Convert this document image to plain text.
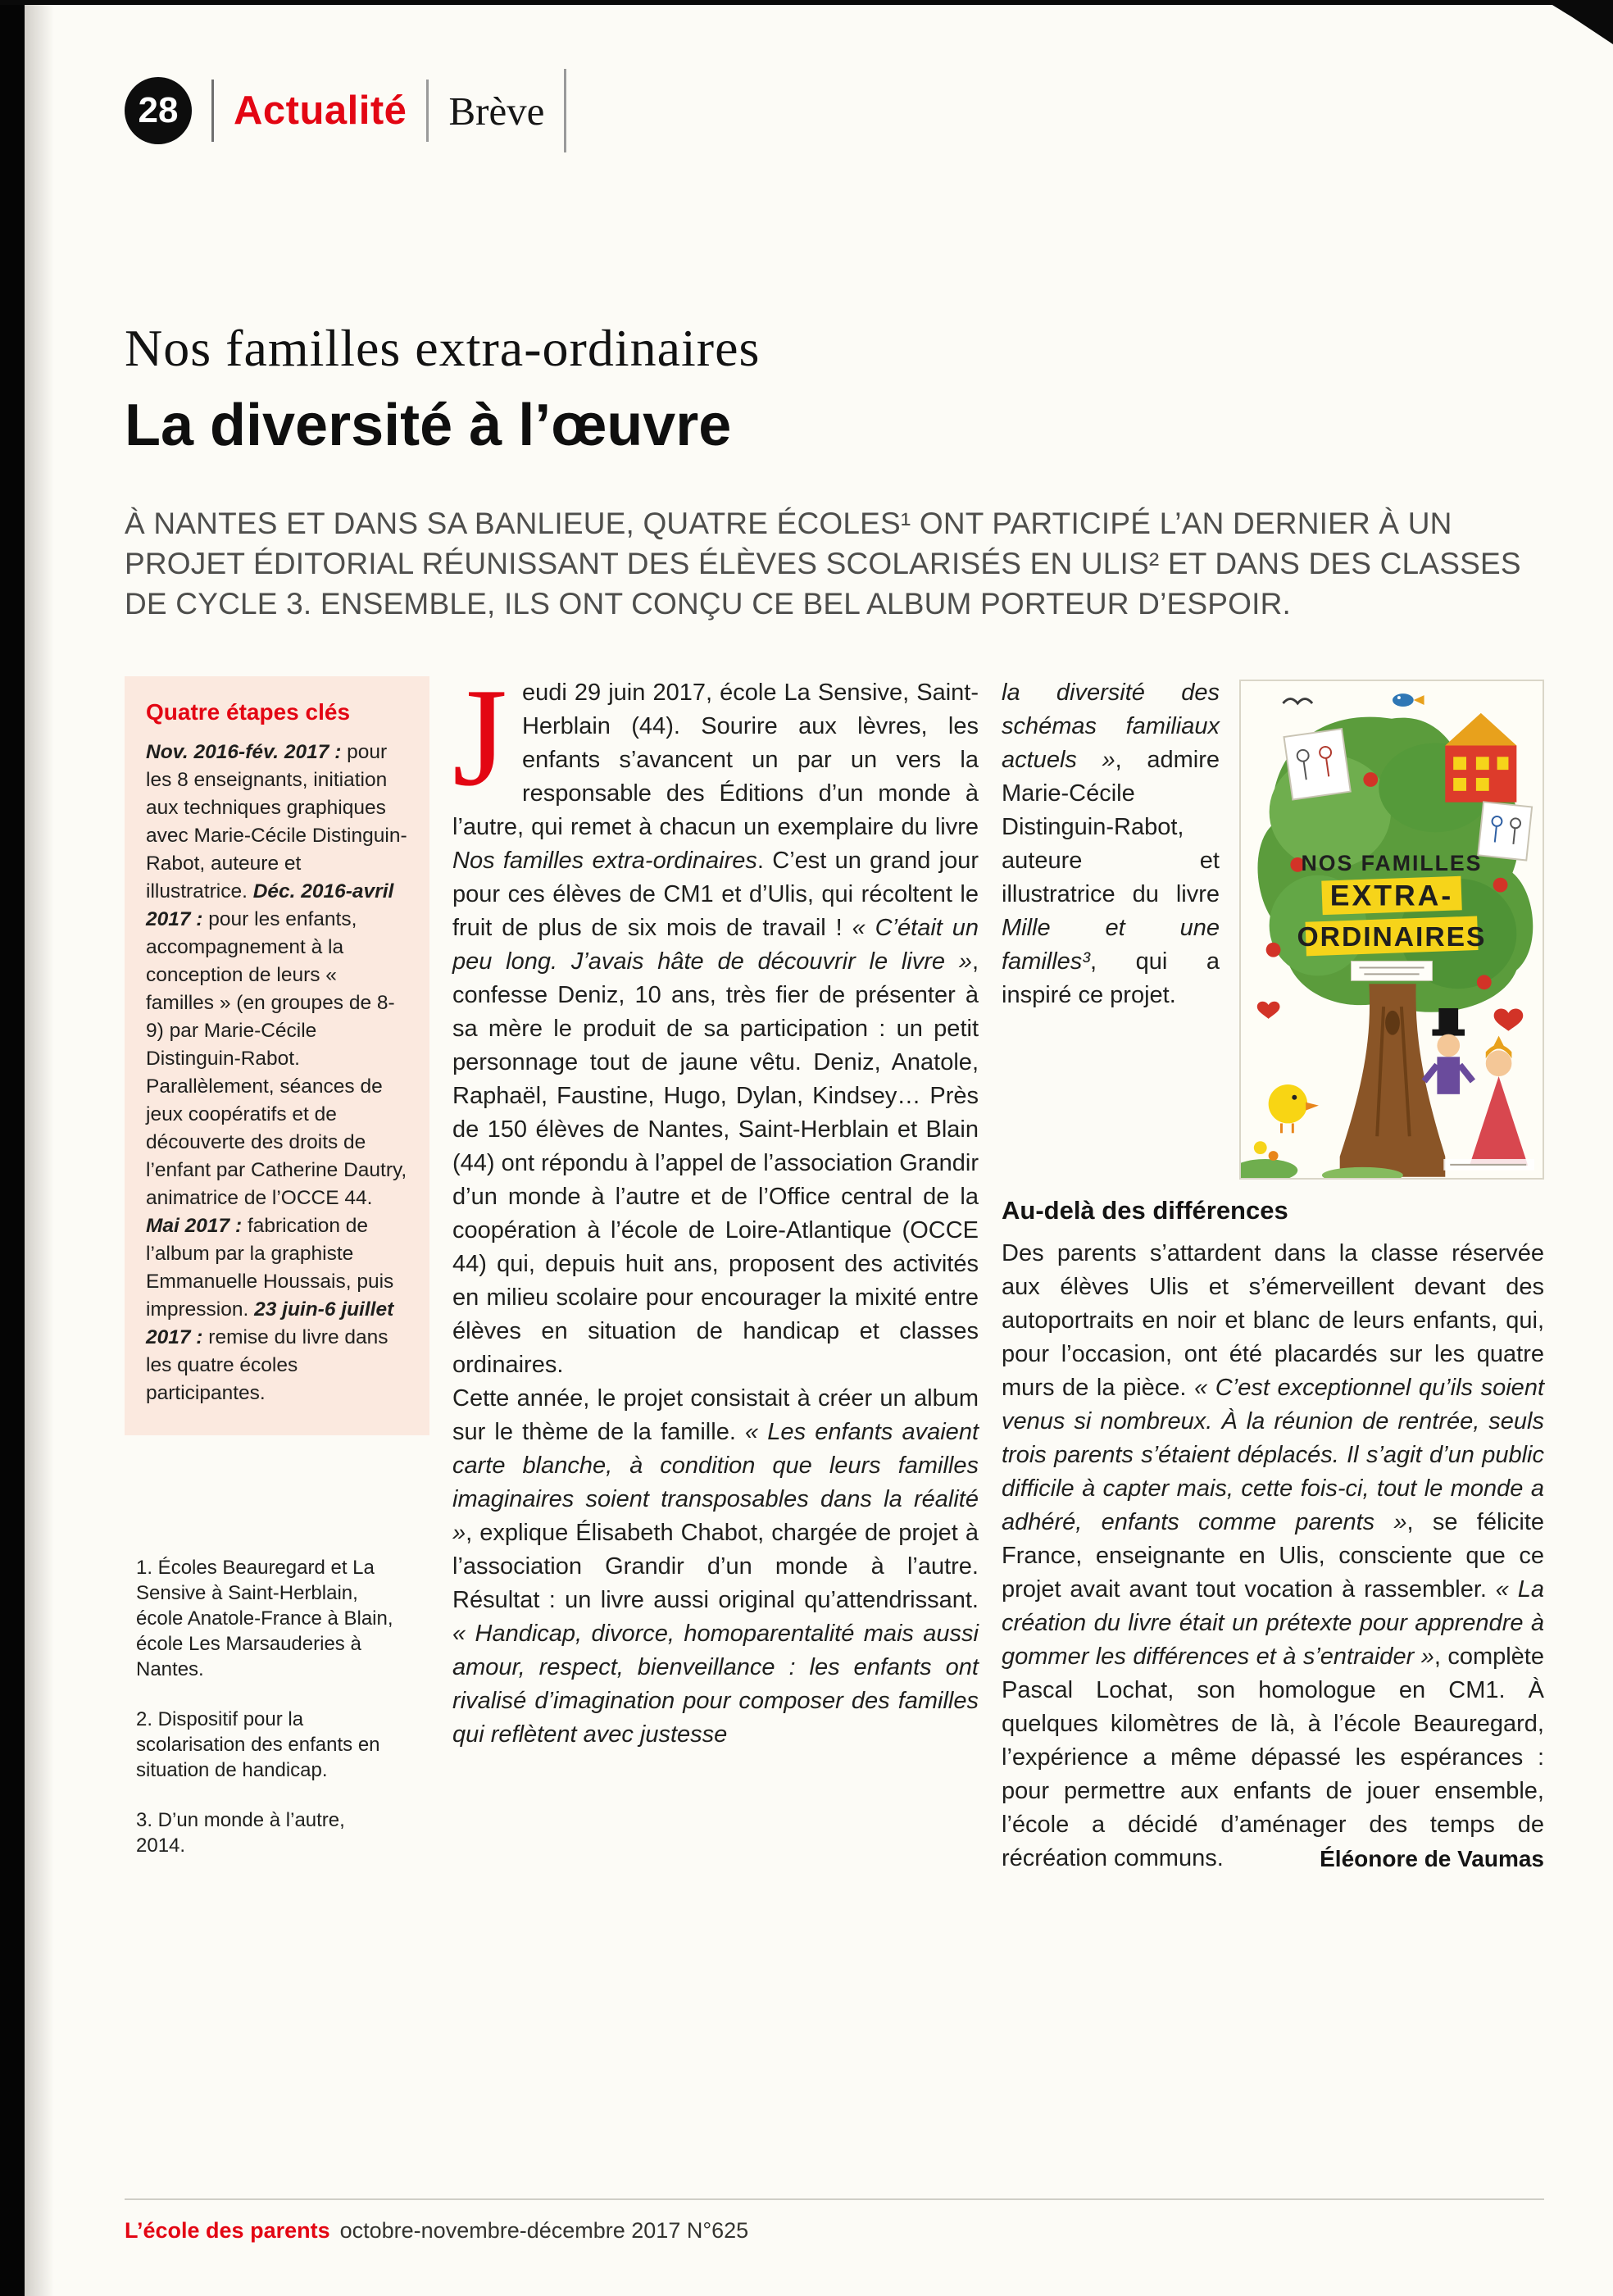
28	Actualité Brève
Nos familles extra-ordinaires
La diversité à l’œuvre

À NANTES ET DANS SA BANLIEUE, QUATRE ÉCOLES¹ ONT PARTICIPÉ L’AN DERNIER À UN PROJET ÉDITORIAL RÉUNISSANT DES ÉLÈVES SCOLARISÉS EN ULIS² ET DANS DES CLASSES DE CYCLE 3. ENSEMBLE, ILS ONT CONÇU CE BEL ALBUM PORTEUR D’ESPOIR.

Quatre étapes clés

Nov. 2016-fév. 2017 : pour les 8 enseignants, initiation aux techniques graphiques avec Marie-Cécile Distinguin-Rabot, auteure et illustratrice. Déc. 2016-avril 2017 : pour les enfants, accompagnement à la conception de leurs « familles » (en groupes de 8-9) par Marie-Cécile Distinguin-Rabot. Parallèlement, séances de jeux coopératifs et de découverte des droits de l’enfant par Catherine Dautry, animatrice de l’OCCE 44. Mai 2017 : fabrication de l’album par la graphiste Emmanuelle Houssais, puis impression. 23 juin-6 juillet 2017 : remise du livre dans les quatre écoles participantes.

1. Écoles Beauregard et La Sensive à Saint-Herblain, école Anatole-France à Blain, école Les Marsauderies à Nantes.

2. Dispositif pour la scolarisation des enfants en situation de handicap.

3. D’un monde à l’autre, 2014.

Jeudi 29 juin 2017, école La Sensive, Saint-Herblain (44). Sourire aux lèvres, les enfants s’avancent un par un vers la responsable des Éditions d’un monde à l’autre, qui remet à chacun un exemplaire du livre Nos familles extra-ordinaires. C’est un grand jour pour ces élèves de CM1 et d’Ulis, qui récoltent le fruit de plus de six mois de travail ! « C’était un peu long. J’avais hâte de découvrir le livre », confesse Deniz, 10 ans, très fier de présenter à sa mère le produit de sa participation : un petit personnage tout de jaune vêtu. Deniz, Anatole, Raphaël, Faustine, Hugo, Dylan, Kindsey… Près de 150 élèves de Nantes, Saint-Herblain et Blain (44) ont répondu à l’appel de l’association Grandir d’un monde à l’autre et de l’Office central de la coopération à l’école de Loire-Atlantique (OCCE 44) qui, depuis huit ans, proposent des activités en milieu scolaire pour encourager la mixité entre élèves en situation de handicap et classes ordinaires.

Cette année, le projet consistait à créer un album sur le thème de la famille. « Les enfants avaient carte blanche, à condition que leurs familles imaginaires soient transposables dans la réalité », explique Élisabeth Chabot, chargée de projet à l’association Grandir d’un monde à l’autre. Résultat : un livre aussi original qu’attendrissant. « Handicap, divorce, homoparentalité mais aussi amour, respect, bienveillance : les enfants ont rivalisé d’imagination pour composer des familles qui reflètent avec justesse

NOS FAMILLES
EXTRA-
ORDINAIRES

la diversité des schémas familiaux actuels », admire Marie-Cécile Distinguin-Rabot, auteure et illustratrice du livre Mille et une familles³, qui a inspiré ce projet.

Au-delà des différences

Des parents s’attardent dans la classe réservée aux élèves Ulis et s’émerveillent devant des autoportraits en noir et blanc de leurs enfants, qui, pour l’occasion, ont été placardés sur les quatre murs de la pièce. « C’est exceptionnel qu’ils soient venus si nombreux. À la réunion de rentrée, seuls trois parents s’étaient déplacés. Il s’agit d’un public difficile à capter mais, cette fois-ci, tout le monde a adhéré, enfants comme parents », se félicite France, enseignante en Ulis, consciente que ce projet avait avant tout vocation à rassembler. « La création du livre était un prétexte pour apprendre à gommer les différences et à s’entraider », complète Pascal Lochat, son homologue en CM1. À quelques kilomètres de là, à l’école Beauregard, l’expérience a même dépassé les espérances : pour permettre aux enfants de jouer ensemble, l’école a décidé d’aménager des temps de récréation communs.	Éléonore de Vaumas

L’école des parents octobre-novembre-décembre 2017 N°625
